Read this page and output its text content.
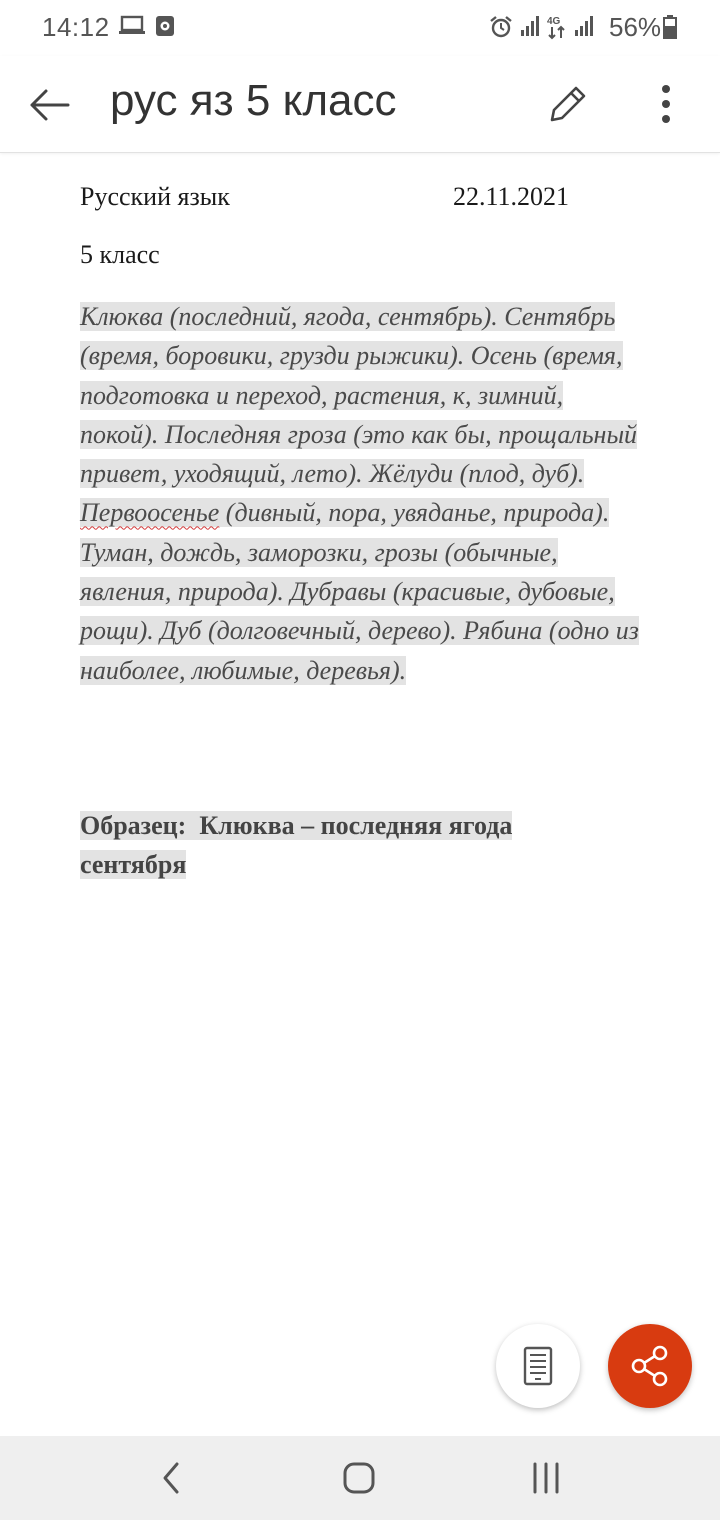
14:12	4G 56%
рус яз 5 класс
Русский язык	22.11.2021
5 класс

Клюква (последний, ягода, сентябрь). Сентябрь (время, боровики, грузди рыжики). Осень (время, подготовка и переход, растения, к, зимний, покой). Последняя гроза (это как бы, прощальный привет, уходящий, лето). Жёлуди (плод, дуб). Первоосенье (дивный, пора, увяданье, природа). Туман, дождь, заморозки, грозы (обычные, явления, природа). Дубравы (красивые, дубовые, рощи). Дуб (долговечный, дерево). Рябина (одно из наиболее, любимые, деревья).

Образец: Клюква – последняя ягода сентября
